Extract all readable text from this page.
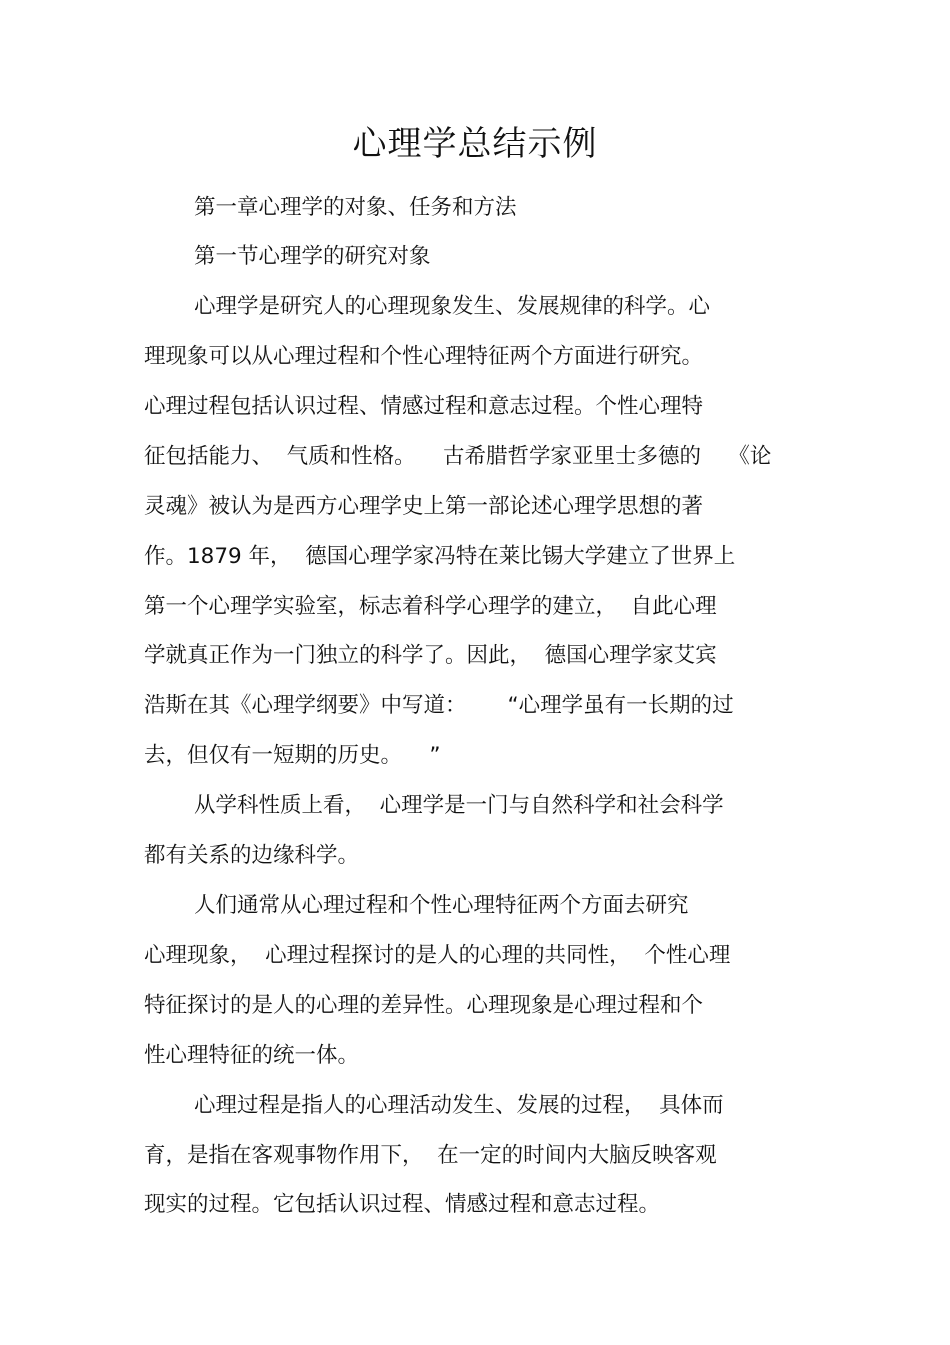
心理学总结示例
第一章心理学的对象、任务和方法
第一节心理学的研究对象
心理学是研究人的心理现象发生、发展规律的科学。心
理现象可以从心理过程和个性心理特征两个方面进行研究。
心理过程包括认识过程、情感过程和意志过程。个性心理特
征包括能力、  气质和性格。    古希腊哲学家亚里士多德的    《论
灵魂》被认为是西方心理学史上第一部论述心理学思想的著
作。1879 年，  德国心理学家冯特在莱比锡大学建立了世界上
第一个心理学实验室，标志着科学心理学的建立，  自此心理
学就真正作为一门独立的科学了。因此，  德国心理学家艾宾
浩斯在其《心理学纲要》中写道：      “心理学虽有一长期的过
去，但仅有一短期的历史。    ”
从学科性质上看，  心理学是一门与自然科学和社会科学
都有关系的边缘科学。
人们通常从心理过程和个性心理特征两个方面去研究
心理现象，  心理过程探讨的是人的心理的共同性，  个性心理
特征探讨的是人的心理的差异性。心理现象是心理过程和个
性心理特征的统一体。
心理过程是指人的心理活动发生、发展的过程，  具体而
育，是指在客观事物作用下，  在一定的时间内大脑反映客观
现实的过程。它包括认识过程、情感过程和意志过程。
